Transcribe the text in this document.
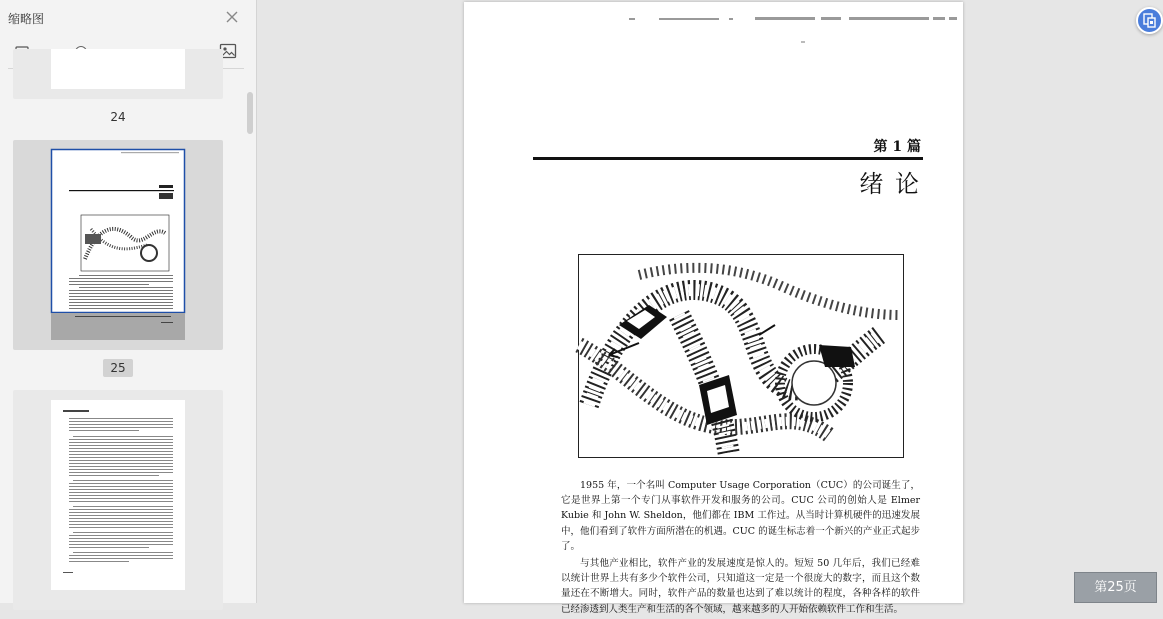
缩略图
24
25
第 1 篇
绪 论

1955 年，一个名叫 Computer Usage Corporation（CUC）的公司诞生了，它是世界上第一个专门从事软件开发和服务的公司。CUC 公司的创始人是 Elmer Kubie 和 John W. Sheldon，他们都在 IBM 工作过。从当时计算机硬件的迅速发展中，他们看到了软件方面所潜在的机遇。CUC 的诞生标志着一个新兴的产业正式起步了。

与其他产业相比，软件产业的发展速度是惊人的。短短 50 几年后，我们已经难以统计世界上共有多少个软件公司，只知道这一定是一个很庞大的数字，而且这个数量还在不断增大。同时，软件产品的数量也达到了难以统计的程度，各种各样的软件已经渗透到人类生产和生活的各个领域，越来越多的人开始依赖软件工作和生活。

第25页
